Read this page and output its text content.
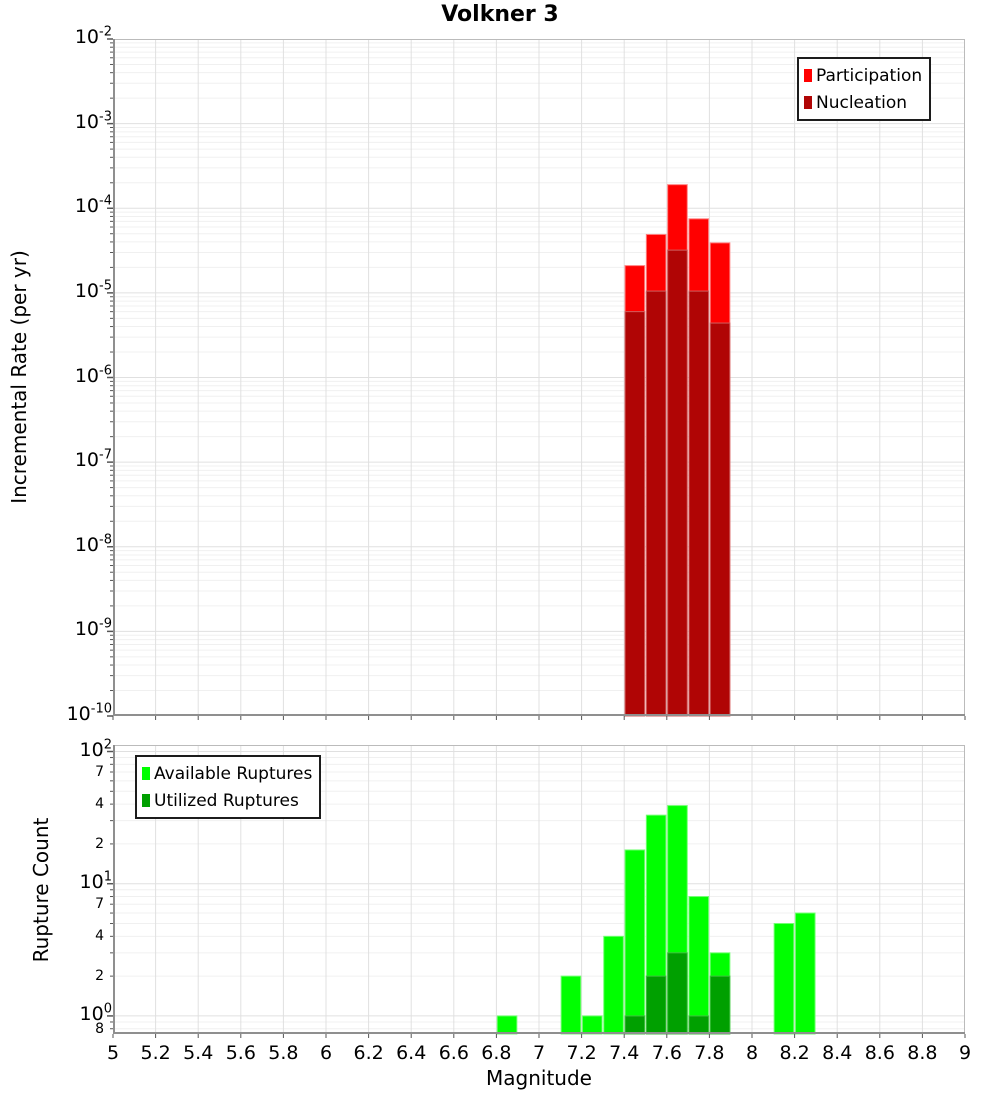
Volkner 3
Incremental Rate (per yr)
Rupture Count
Magnitude
$10^{-2}$
$10^{-3}$
$10^{-4}$
$10^{-5}$
$10^{-6}$
$10^{-7}$
$10^{-8}$
$10^{-9}$
$10^{-10}$
$10^2$
$10^1$
$10^0$
7
4
2
7
4
2
8
5 5.2 5.4 5.6 5.8 6 6.2 6.4 6.6 6.8 7 7.2 7.4 7.6 7.8 8 8.2 8.4 8.6 8.8 9
Participation
Nucleation
Available Ruptures
Utilized Ruptures
